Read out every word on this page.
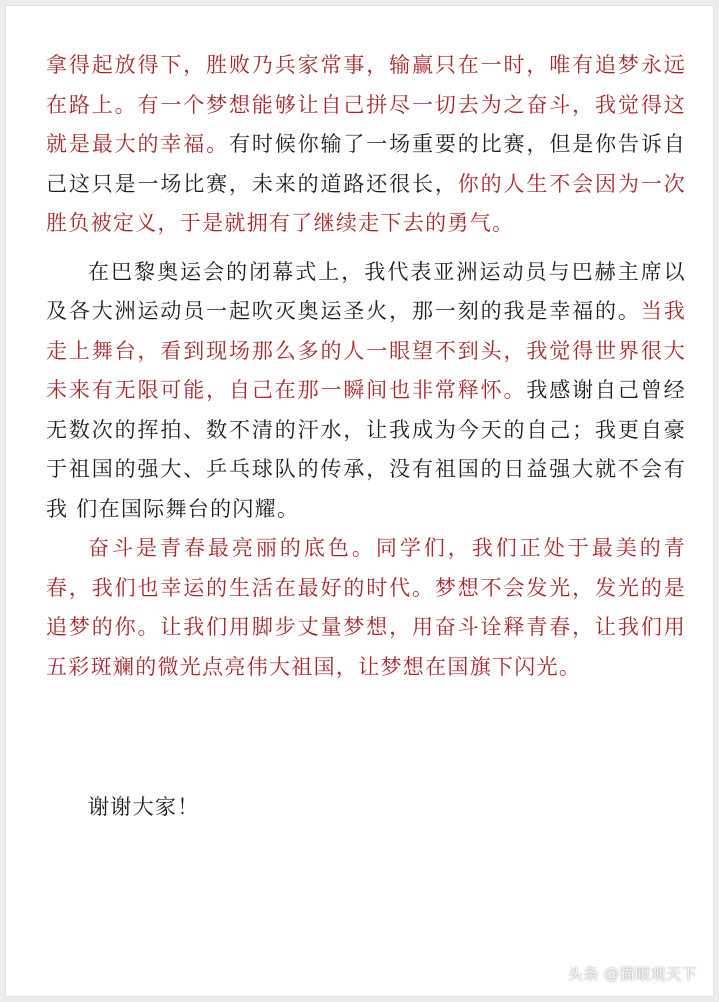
拿得起放得下，胜败乃兵家常事，输赢只在一时，唯有追梦永远在路上。有一个梦想能够让自己拼尽一切去为之奋斗，我觉得这就是最大的幸福。有时候你输了一场重要的比赛，但是你告诉自己这只是一场比赛，未来的道路还很长，你的人生不会因为一次胜负被定义，于是就拥有了继续走下去的勇气。

在巴黎奥运会的闭幕式上，我代表亚洲运动员与巴赫主席以及各大洲运动员一起吹灭奥运圣火，那一刻的我是幸福的。当我走上舞台，看到现场那么多的人一眼望不到头，我觉得世界很大未来有无限可能，自己在那一瞬间也非常释怀。我感谢自己曾经无数次的挥拍、数不清的汗水，让我成为今天的自己；我更自豪于祖国的强大、乒乓球队的传承，没有祖国的日益强大就不会有我 们在国际舞台的闪耀。

奋斗是青春最亮丽的底色。同学们，我们正处于最美的青春，我们也幸运的生活在最好的时代。梦想不会发光，发光的是追梦的你。让我们用脚步丈量梦想，用奋斗诠释青春，让我们用五彩斑斓的微光点亮伟大祖国，让梦想在国旗下闪光。

谢谢大家！

头条 @猫眼观天下
